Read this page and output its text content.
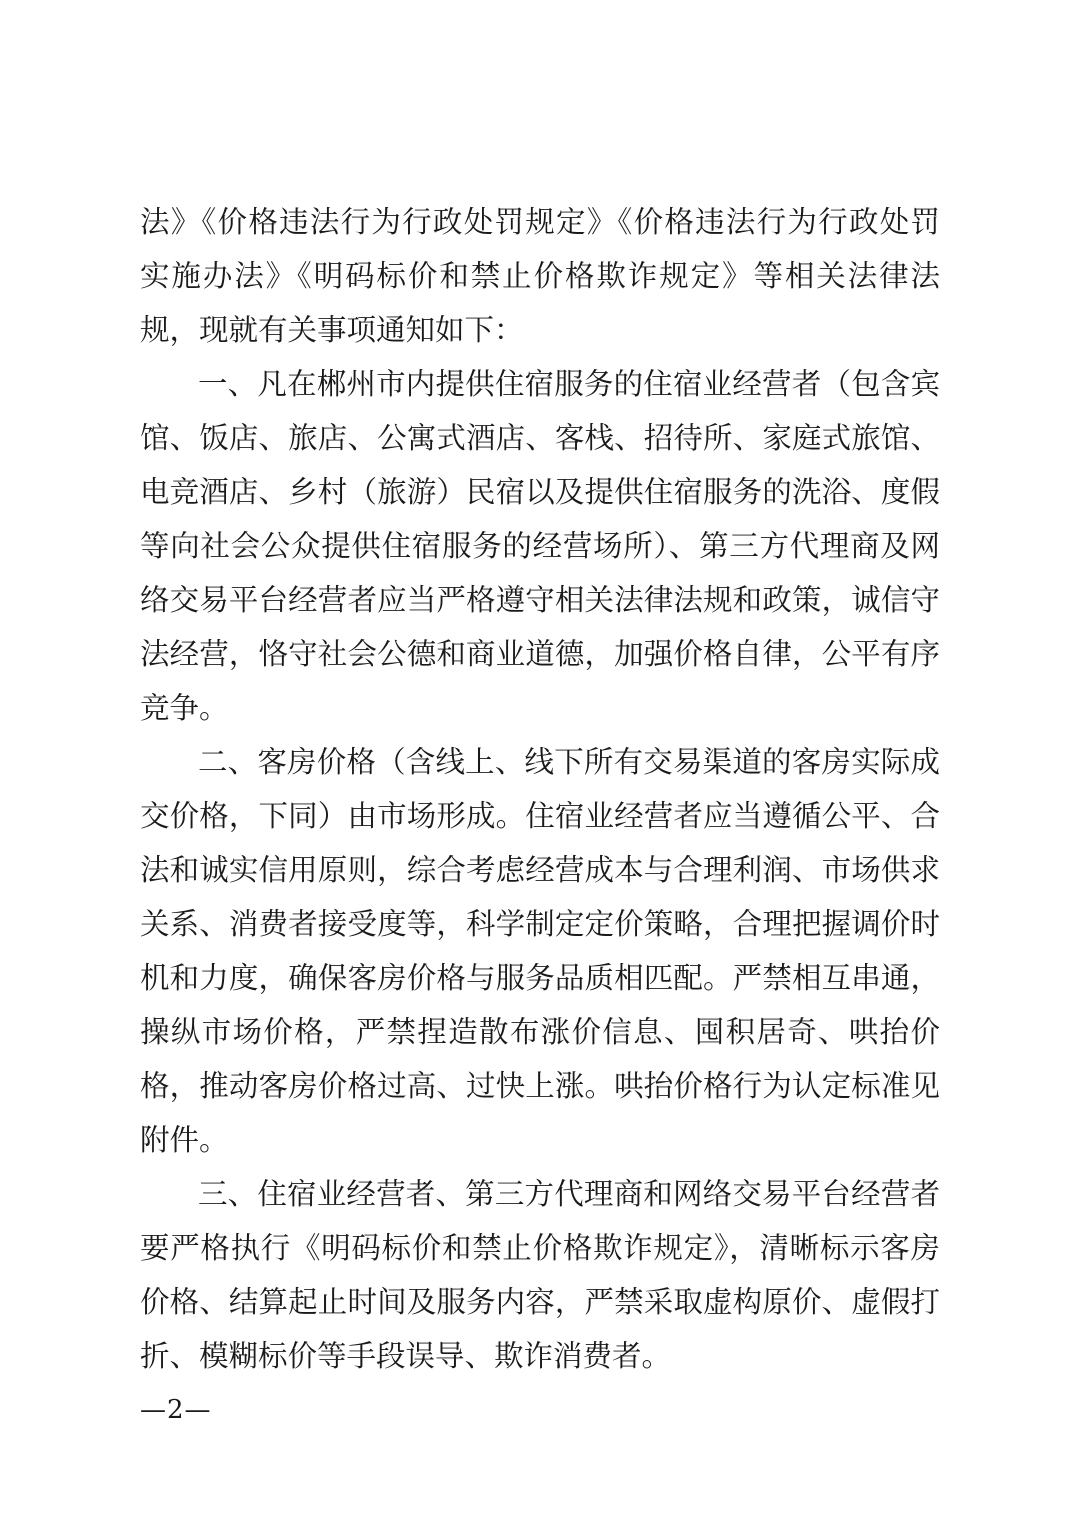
法》《价格违法行为行政处罚规定》《价格违法行为行政处罚
实施办法》《明码标价和禁止价格欺诈规定》等相关法律法
规，现就有关事项通知如下：
一、凡在郴州市内提供住宿服务的住宿业经营者（包含宾
馆、饭店、旅店、公寓式酒店、客栈、招待所、家庭式旅馆、
电竞酒店、乡村（旅游）民宿以及提供住宿服务的洗浴、度假
等向社会公众提供住宿服务的经营场所）、第三方代理商及网
络交易平台经营者应当严格遵守相关法律法规和政策，诚信守
法经营，恪守社会公德和商业道德，加强价格自律，公平有序
竞争。
二、客房价格（含线上、线下所有交易渠道的客房实际成
交价格，下同）由市场形成。住宿业经营者应当遵循公平、合
法和诚实信用原则，综合考虑经营成本与合理利润、市场供求
关系、消费者接受度等，科学制定定价策略，合理把握调价时
机和力度，确保客房价格与服务品质相匹配。严禁相互串通，
操纵市场价格，严禁捏造散布涨价信息、囤积居奇、哄抬价
格，推动客房价格过高、过快上涨。哄抬价格行为认定标准见
附件。
三、住宿业经营者、第三方代理商和网络交易平台经营者
要严格执行《明码标价和禁止价格欺诈规定》，清晰标示客房
价格、结算起止时间及服务内容，严禁采取虚构原价、虚假打
折、模糊标价等手段误导、欺诈消费者。
—2—
